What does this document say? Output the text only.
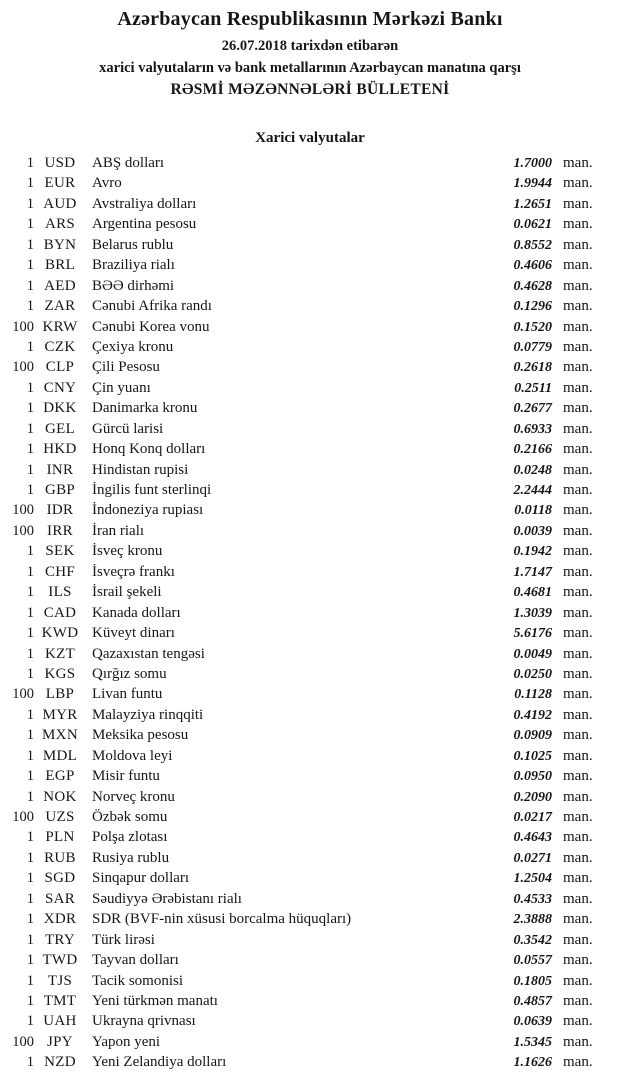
Azərbaycan Respublikasının Mərkəzi Bankı
26.07.2018 tarixdən etibarən
xarici valyutaların və bank metallarının Azərbaycan manatına qarşı
RƏSMİ MƏZƏNNƏLƏRİ BÜLLETENİ
Xarici valyutalar
1 USD	ABŞ dolları	1.7000 man.
1 EUR	Avro	1.9944 man.
1 AUD	Avstraliya dolları	1.2651 man.
1 ARS	Argentina pesosu	0.0621 man.
1 BYN	Belarus rublu	0.8552 man.
1 BRL	Braziliya rialı	0.4606 man.
1 AED	BƏƏ dirhəmi	0.4628 man.
1 ZAR	Cənubi Afrika randı	0.1296 man.
100 KRW Cənubi Korea vonu	0.1520 man.
1 CZK	Çexiya kronu	0.0779 man.
100 CLP	Çili Pesosu	0.2618 man.
1 CNY	Çin yuanı	0.2511 man.
1 DKK	Danimarka kronu	0.2677 man.
1 GEL	Gürcü larisi	0.6933 man.
1 HKD	Honq Konq dolları	0.2166 man.
1 INR	Hindistan rupisi	0.0248 man.
1 GBP	İngilis funt sterlinqi	2.2444 man.
100 IDR	İndoneziya rupiası	0.0118 man.
100 IRR	İran rialı	0.0039 man.
1 SEK	İsveç kronu	0.1942 man.
1 CHF	İsveçrə frankı	1.7147 man.
1 ILS	İsrail şekeli	0.4681 man.
1 CAD	Kanada dolları	1.3039 man.
1 KWD Küveyt dinarı	5.6176 man.
1 KZT	Qazaxıstan tengəsi	0.0049 man.
1 KGS	Qırğız somu	0.0250 man.
100 LBP	Livan funtu	0.1128 man.
1 MYR Malayziya rinqqiti	0.4192 man.
1 MXN Meksika pesosu	0.0909 man.
1 MDL Moldova leyi	0.1025 man.
1 EGP	Misir funtu	0.0950 man.
1 NOK	Norveç kronu	0.2090 man.
100 UZS	Özbək somu	0.0217 man.
1 PLN	Polşa zlotası	0.4643 man.
1 RUB	Rusiya rublu	0.0271 man.
1 SGD	Sinqapur dolları	1.2504 man.
1 SAR	Səudiyyə Ərəbistanı rialı	0.4533 man.
1 XDR	SDR (BVF-nin xüsusi borcalma hüquqları)	2.3888 man.
1 TRY	Türk lirəsi	0.3542 man.
1 TWD Tayvan dolları	0.0557 man.
1 TJS	Tacik somonisi	0.1805 man.
1 TMT	Yeni türkmən manatı	0.4857 man.
1 UAH	Ukrayna qrivnası	0.0639 man.
100 JPY	Yapon yeni	1.5345 man.
1 NZD	Yeni Zelandiya dolları	1.1626 man.
